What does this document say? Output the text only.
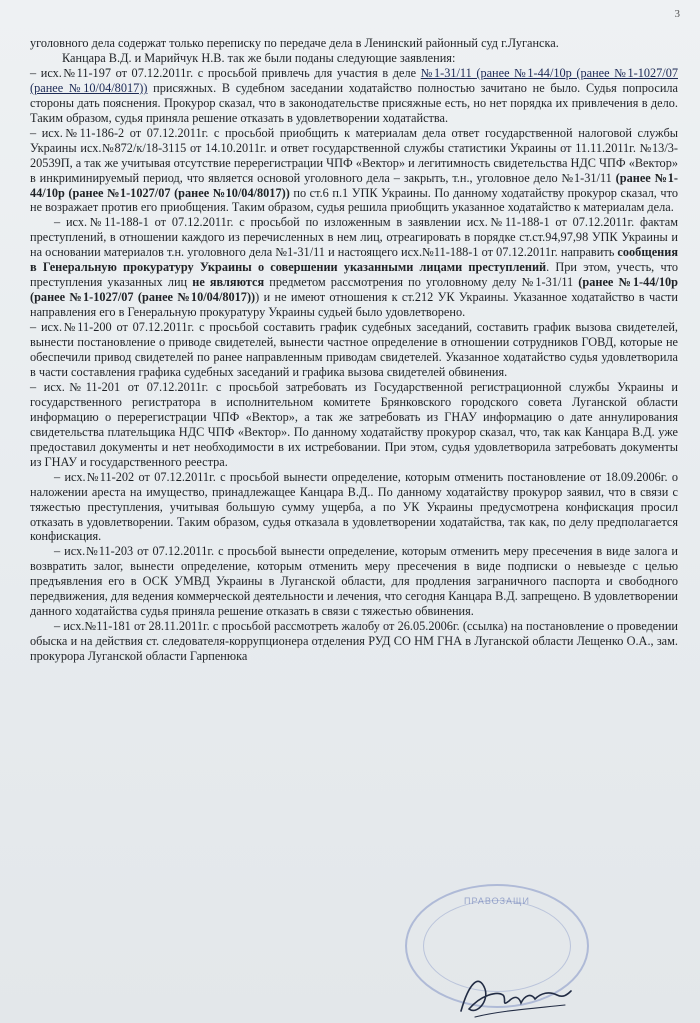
3

уголовного дела содержат только переписку по передаче дела в Ленинский районный суд г.Луганска.

Канцара В.Д. и Марийчук Н.В. так же были поданы следующие заявления:

– исх.№11-197 от 07.12.2011г. с просьбой привлечь для участия в деле №1-31/11 (ранее №1-44/10р (ранее №1-1027/07 (ранее №10/04/8017)) присяжных. В судебном заседании ходатайство полностью зачитано не было. Судья попросила стороны дать пояснения. Прокурор сказал, что в законодательстве присяжные есть, но нет порядка их привлечения в дело. Таким образом, судья приняла решение отказать в удовлетворении ходатайства.

– исх.№11-186-2 от 07.12.2011г. с просьбой приобщить к материалам дела ответ государственной налоговой службы Украины исх.№872/к/18-3115 от 14.10.2011г. и ответ государственной службы статистики Украины от 11.11.2011г. №13/3-20539П, а так же учитывая отсутствие перерегистрации ЧПФ «Вектор» и легитимность свидетельства НДС ЧПФ «Вектор» в инкриминируемый период, что является основой уголовного дела – закрыть, т.н., уголовное дело №1-31/11 (ранее №1-44/10р (ранее №1-1027/07 (ранее №10/04/8017)) по ст.6 п.1 УПК Украины. По данному ходатайству прокурор сказал, что не возражает против его приобщения. Таким образом, судья решила приобщить указанное ходатайство к материалам дела.

– исх.№11-188-1 от 07.12.2011г. с просьбой по изложенным в заявлении исх.№11-188-1 от 07.12.2011г. фактам преступлений, в отношении каждого из перечисленных в нем лиц, отреагировать в порядке ст.ст.94,97,98 УПК Украины и на основании материалов т.н. уголовного дела №1-31/11 и настоящего исх.№11-188-1 от 07.12.2011г. направить сообщения в Генеральную прокуратуру Украины о совершении указанными лицами преступлений. При этом, учесть, что преступления указанных лиц не являются предметом рассмотрения по уголовному делу №1-31/11 (ранее №1-44/10р (ранее №1-1027/07 (ранее №10/04/8017))) и не имеют отношения к ст.212 УК Украины. Указанное ходатайство в части направления его в Генеральную прокуратуру Украины судьей было удовлетворено.

– исх.№11-200 от 07.12.2011г. с просьбой составить график судебных заседаний, составить график вызова свидетелей, вынести постановление о приводе свидетелей, вынести частное определение в отношении сотрудников ГОВД, которые не обеспечили привод свидетелей по ранее направленным приводам свидетелей. Указанное ходатайство судья удовлетворила в части составления графика судебных заседаний и графика вызова свидетелей обвинения.

– исх.№11-201 от 07.12.2011г. с просьбой затребовать из Государственной регистрационной службы Украины и государственного регистратора в исполнительном комитете Брянковского городского совета Луганской области информацию о перерегистрации ЧПФ «Вектор», а так же затребовать из ГНАУ информацию о дате аннулирования свидетельства плательщика НДС ЧПФ «Вектор». По данному ходатайству прокурор сказал, что, так как Канцара В.Д. уже предоставил документы и нет необходимости в их истребовании. При этом, судья удовлетворила затребовать документы из ГНАУ и государственного реестра.

– исх.№11-202 от 07.12.2011г. с просьбой вынести определение, которым отменить постановление от 18.09.2006г. о наложении ареста на имущество, принадлежащее Канцара В.Д.. По данному ходатайству прокурор заявил, что в связи с тяжестью преступления, учитывая большую сумму ущерба, а по УК Украины предусмотрена конфискация просил отказать в удовлетворении. Таким образом, судья отказала в удовлетворении ходатайства, так как, по делу предполагается конфискация.

– исх.№11-203 от 07.12.2011г. с просьбой вынести определение, которым отменить меру пресечения в виде залога и возвратить залог, вынести определение, которым отменить меру пресечения в виде подписки о невыезде с целью предъявления его в ОСК УМВД Украины в Луганской области, для продления заграничного паспорта и свободного передвижения, для ведения коммерческой деятельности и лечения, что сегодня Канцара В.Д. запрещено. В удовлетворении данного ходатайства судья приняла решение отказать в связи с тяжестью обвинения.

– исх.№11-181 от 28.11.2011г. с просьбой рассмотреть жалобу от 26.05.2006г. (ссылка) на постановление о проведении обыска и на действия ст. следователя-коррупционера отделения РУД СО НМ ГНА в Луганской области Лещенко О.А., зам. прокурора Луганской области Гарпенюка

ПРАВОЗАЩИ
